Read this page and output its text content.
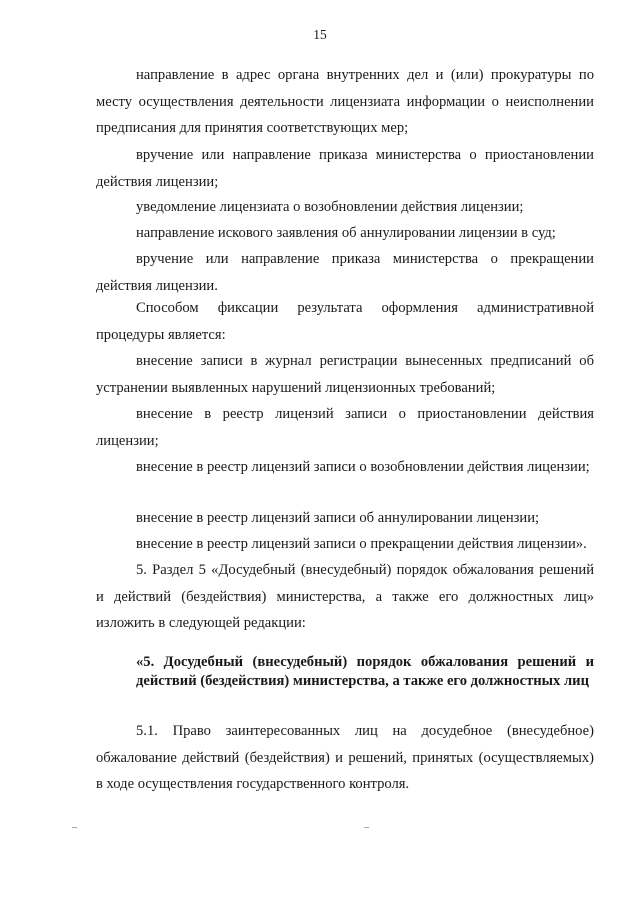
15
направление в адрес органа внутренних дел и (или) прокуратуры по месту осуществления деятельности лицензиата информации о неисполнении предписания для принятия соответствующих мер;
вручение или направление приказа министерства о приостановлении действия лицензии;
уведомление лицензиата о возобновлении действия лицензии;
направление искового заявления об аннулировании лицензии в суд;
вручение или направление приказа министерства о прекращении действия лицензии.
Способом фиксации результата оформления административной процедуры является:
внесение записи в журнал регистрации вынесенных предписаний об устранении выявленных нарушений лицензионных требований;
внесение в реестр лицензий записи о приостановлении действия лицензии;
внесение в реестр лицензий записи о возобновлении действия лицензии;
внесение в реестр лицензий записи об аннулировании лицензии;
внесение в реестр лицензий записи о прекращении действия лицензии».
5. Раздел 5 «Досудебный (внесудебный) порядок обжалования решений и действий (бездействия) министерства, а также его должностных лиц» изложить в следующей редакции:
«5. Досудебный (внесудебный) порядок обжалования решений и действий (бездействия) министерства, а также его должностных лиц
5.1. Право заинтересованных лиц на досудебное (внесудебное) обжалование действий (бездействия) и решений, принятых (осуществляемых) в ходе осуществления государственного контроля.
–	–
